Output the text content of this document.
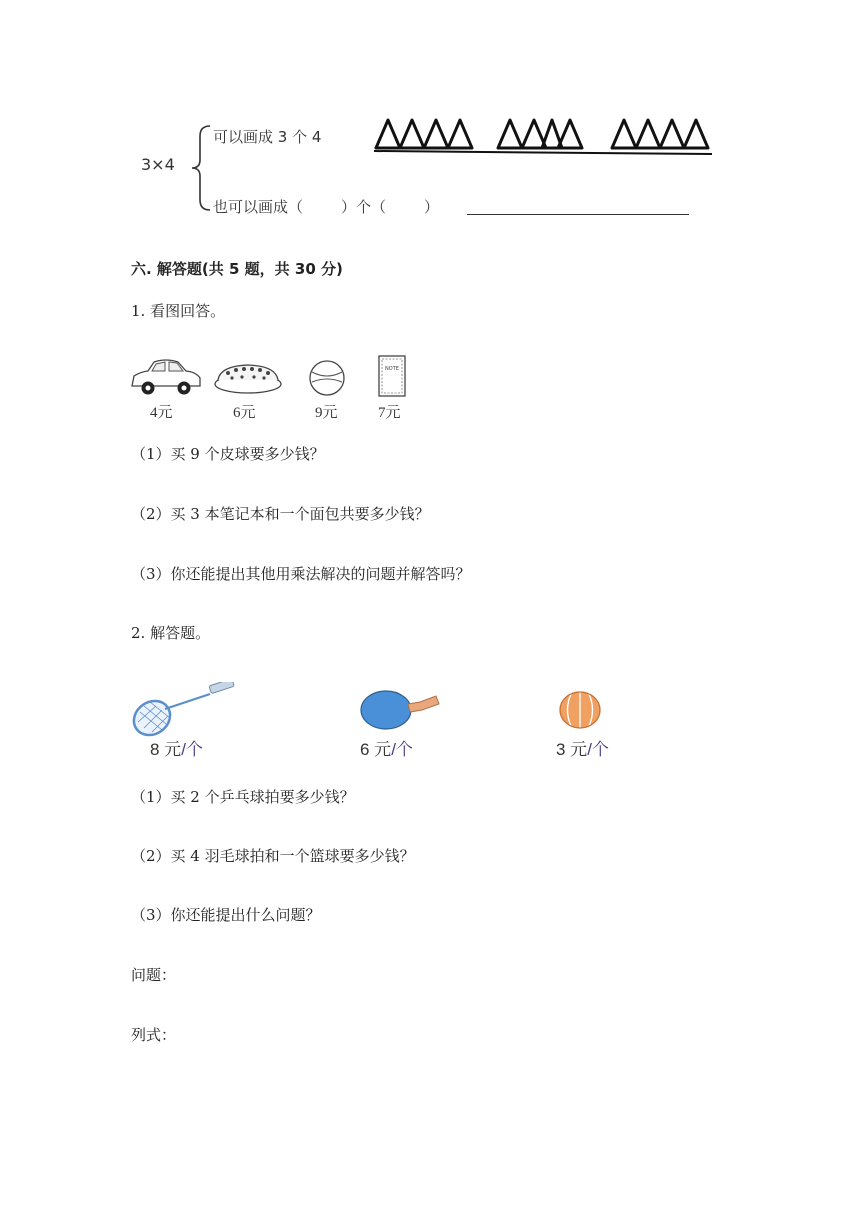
3×4
可以画成 3 个 4
也可以画成（	）个（	）
六. 解答题(共 5 题，共 30 分)
1. 看图回答。
4元	6元	9元
NOTE
7元
（1）买 9 个皮球要多少钱？
（2）买 3 本笔记本和一个面包共要多少钱？
（3）你还能提出其他用乘法解决的问题并解答吗？
2. 解答题。
8 元/个	6 元/个	3 元/个
（1）买 2 个乒乓球拍要多少钱？
（2）买 4 羽毛球拍和一个篮球要多少钱？
（3）你还能提出什么问题？
问题：
列式：
